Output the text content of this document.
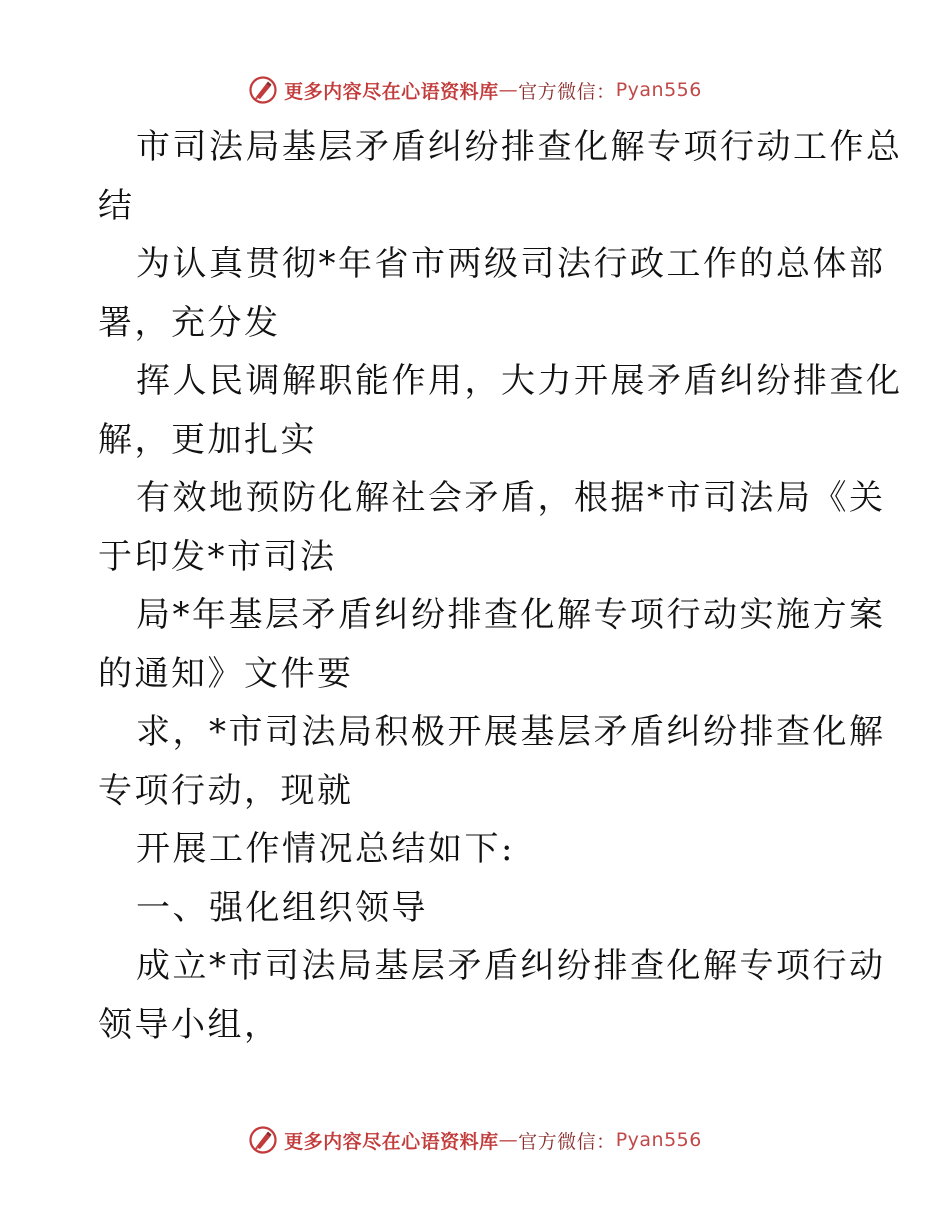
更多内容尽在心语资料库 — 官方微信： Pyan556
市司法局基层矛盾纠纷排查化解专项行动工作总
结
为认真贯彻*年省市两级司法行政工作的总体部
署，充分发
挥人民调解职能作用，大力开展矛盾纠纷排查化
解，更加扎实
有效地预防化解社会矛盾，根据*市司法局《关
于印发*市司法
局*年基层矛盾纠纷排查化解专项行动实施方案
的通知》文件要
求，*市司法局积极开展基层矛盾纠纷排查化解
专项行动，现就
开展工作情况总结如下:
一、强化组织领导
成立*市司法局基层矛盾纠纷排查化解专项行动
领导小组，
更多内容尽在心语资料库 — 官方微信： Pyan556
